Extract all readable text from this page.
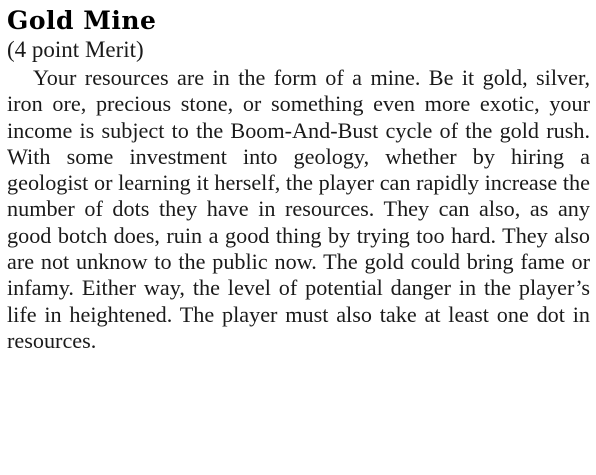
Gold Mine
(4 point Merit)

Your resources are in the form of a mine. Be it gold, silver, iron ore, precious stone, or something even more exotic, your income is subject to the Boom-And-Bust cycle of the gold rush. With some investment into geology, whether by hiring a geologist or learning it herself, the player can rapidly increase the number of dots they have in resources. They can also, as any good botch does, ruin a good thing by trying too hard. They also are not unknow to the public now. The gold could bring fame or infamy. Either way, the level of potential danger in the player’s life in heightened. The player must also take at least one dot in resources.
